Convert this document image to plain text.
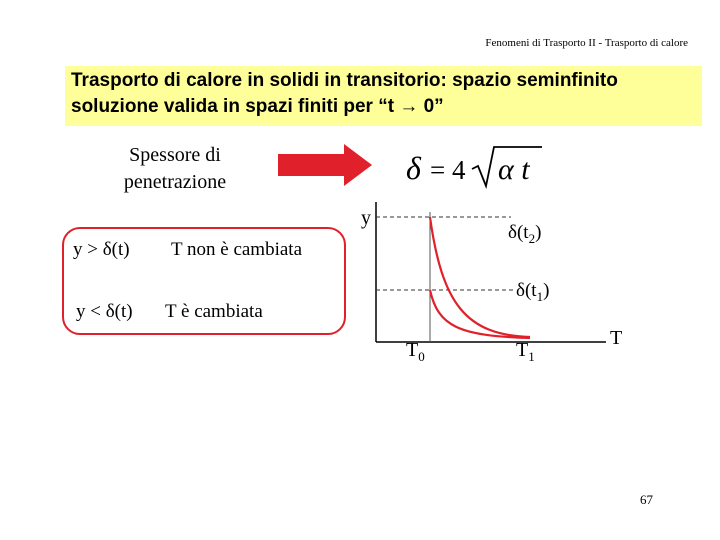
Fenomeni di Trasporto II - Trasporto di calore
Trasporto di calore in solidi in transitorio: spazio seminfinito
soluzione valida in spazi finiti per “t → 0”
Spessore di
penetrazione	δ = 4 α t
y > δ(t) T non è cambiata
y < δ(t) T è cambiata
y
$\delta(t_2)$
$\delta(t_1)$
$T_0$	$T_1$
T
67
